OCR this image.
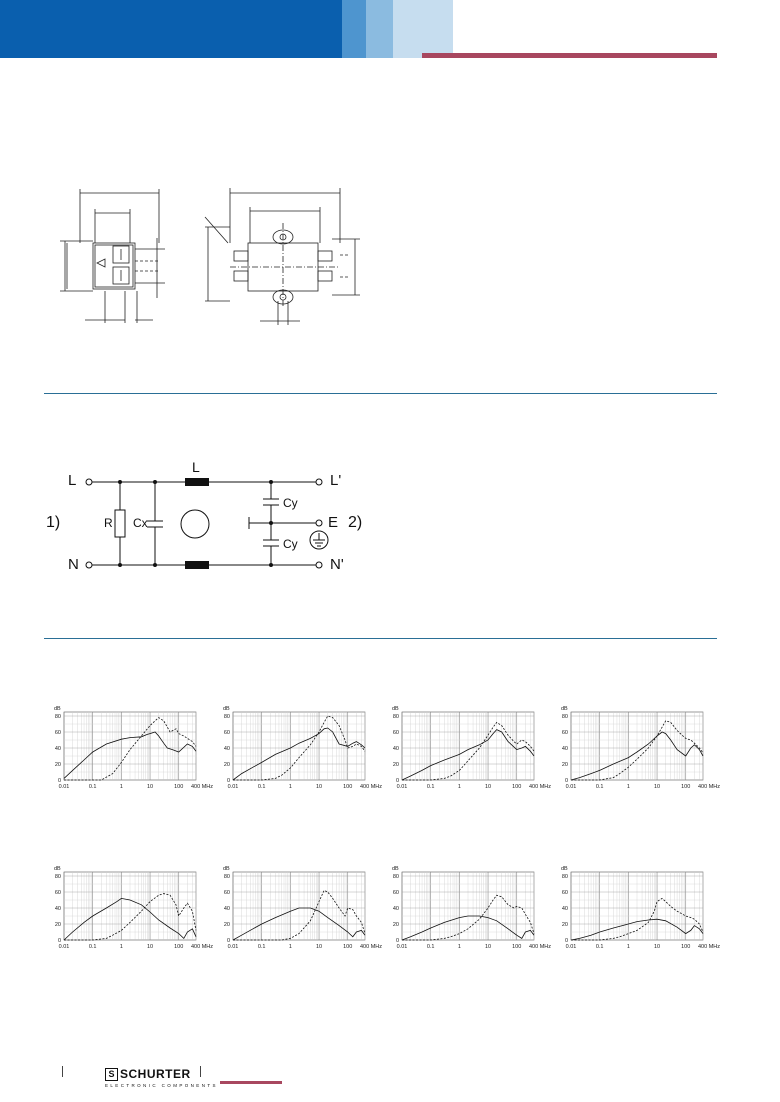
L
N
L
R Cx
Cy
Cy
L'
E
N'
1)	2)
0
20
40
60
80
dB
0.01	0.1	1	10	100 400 MHz
0
20
40
60
80
dB
0.01	0.1	1	10	100 400 MHz
0
20
40
60
80
dB
0.01	0.1	1	10	100 400 MHz
0
20
40
60
80
dB
0.01	0.1	1	10	100 400 MHz
0
20
40
60
80
dB
0.01	0.1	1	10	100 400 MHz
0
20
40
60
80
dB
0.01	0.1	1	10	100 400 MHz
0
20
40
60
80
dB
0.01	0.1	1	10	100 400 MHz
0
20
40
60
80
dB
0.01	0.1	1	10	100 400 MHz
S SCHURTER
ELECTRONIC COMPONENTS
